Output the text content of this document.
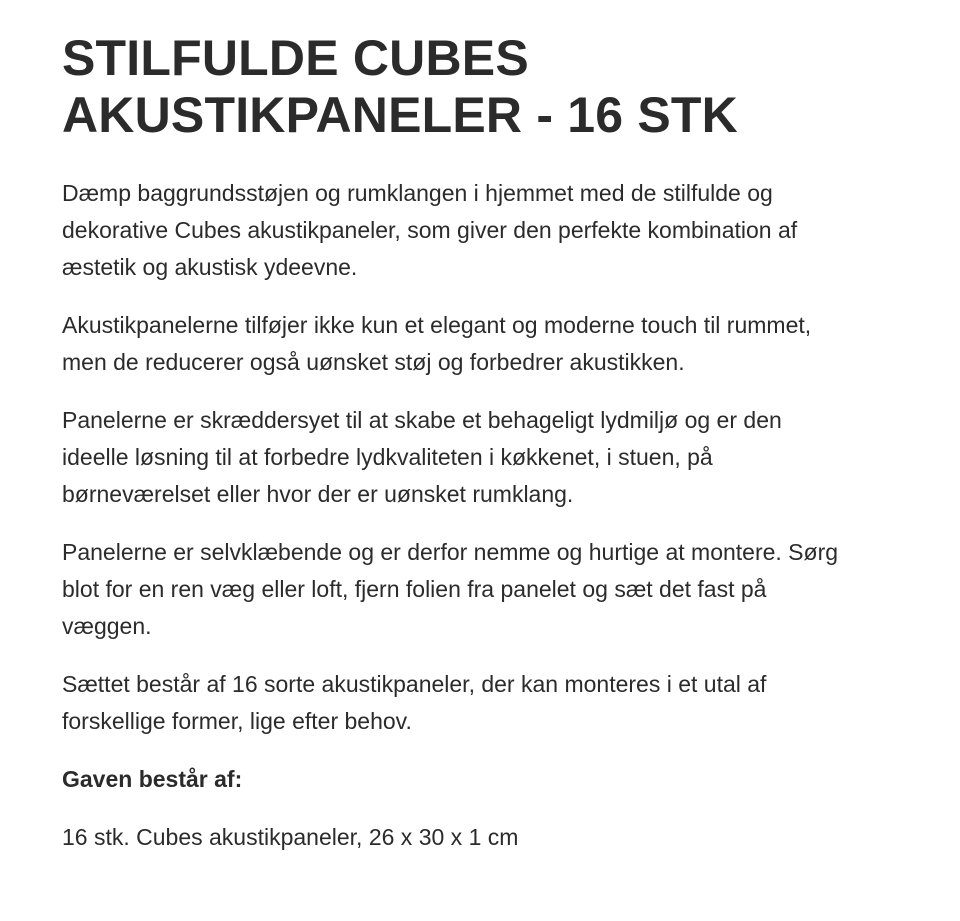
STILFULDE CUBES
AKUSTIKPANELER - 16 STK

Dæmp baggrundsstøjen og rumklangen i hjemmet med de stilfulde og dekorative Cubes akustikpaneler, som giver den perfekte kombination af æstetik og akustisk ydeevne.

Akustikpanelerne tilføjer ikke kun et elegant og moderne touch til rummet, men de reducerer også uønsket støj og forbedrer akustikken.

Panelerne er skræddersyet til at skabe et behageligt lydmiljø og er den ideelle løsning til at forbedre lydkvaliteten i køkkenet, i stuen, på børneværelset eller hvor der er uønsket rumklang.

Panelerne er selvklæbende og er derfor nemme og hurtige at montere. Sørg blot for en ren væg eller loft, fjern folien fra panelet og sæt det fast på væggen.

Sættet består af 16 sorte akustikpaneler, der kan monteres i et utal af forskellige former, lige efter behov.

Gaven består af:

16 stk. Cubes akustikpaneler, 26 x 30 x 1 cm
